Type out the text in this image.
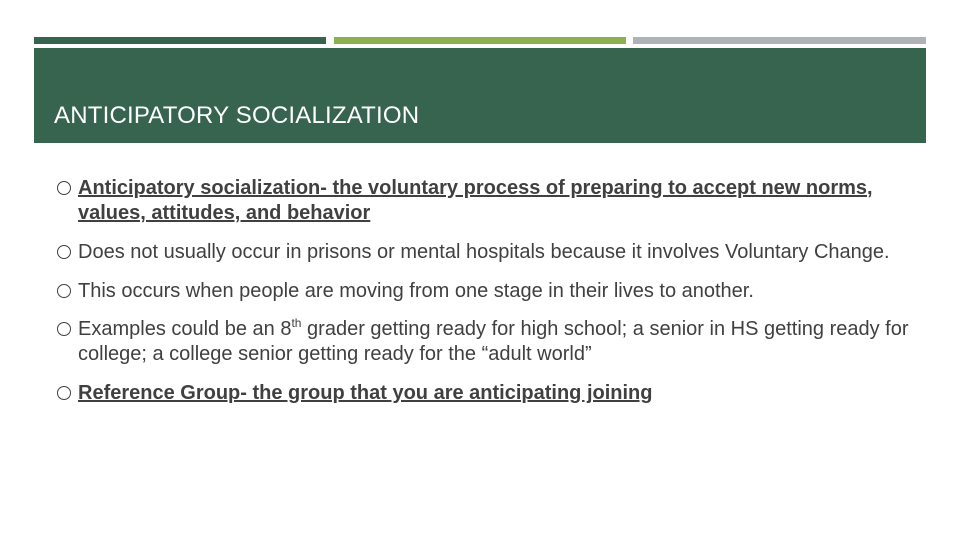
ANTICIPATORY SOCIALIZATION
Anticipatory socialization- the voluntary process of preparing to accept new norms, values, attitudes, and behavior
Does not usually occur in prisons or mental hospitals because it involves Voluntary Change.
This occurs when people are moving from one stage in their lives to another.
Examples could be an 8th grader getting ready for high school; a senior in HS getting ready for college; a college senior getting ready for the “adult world”
Reference Group- the group that you are anticipating joining
